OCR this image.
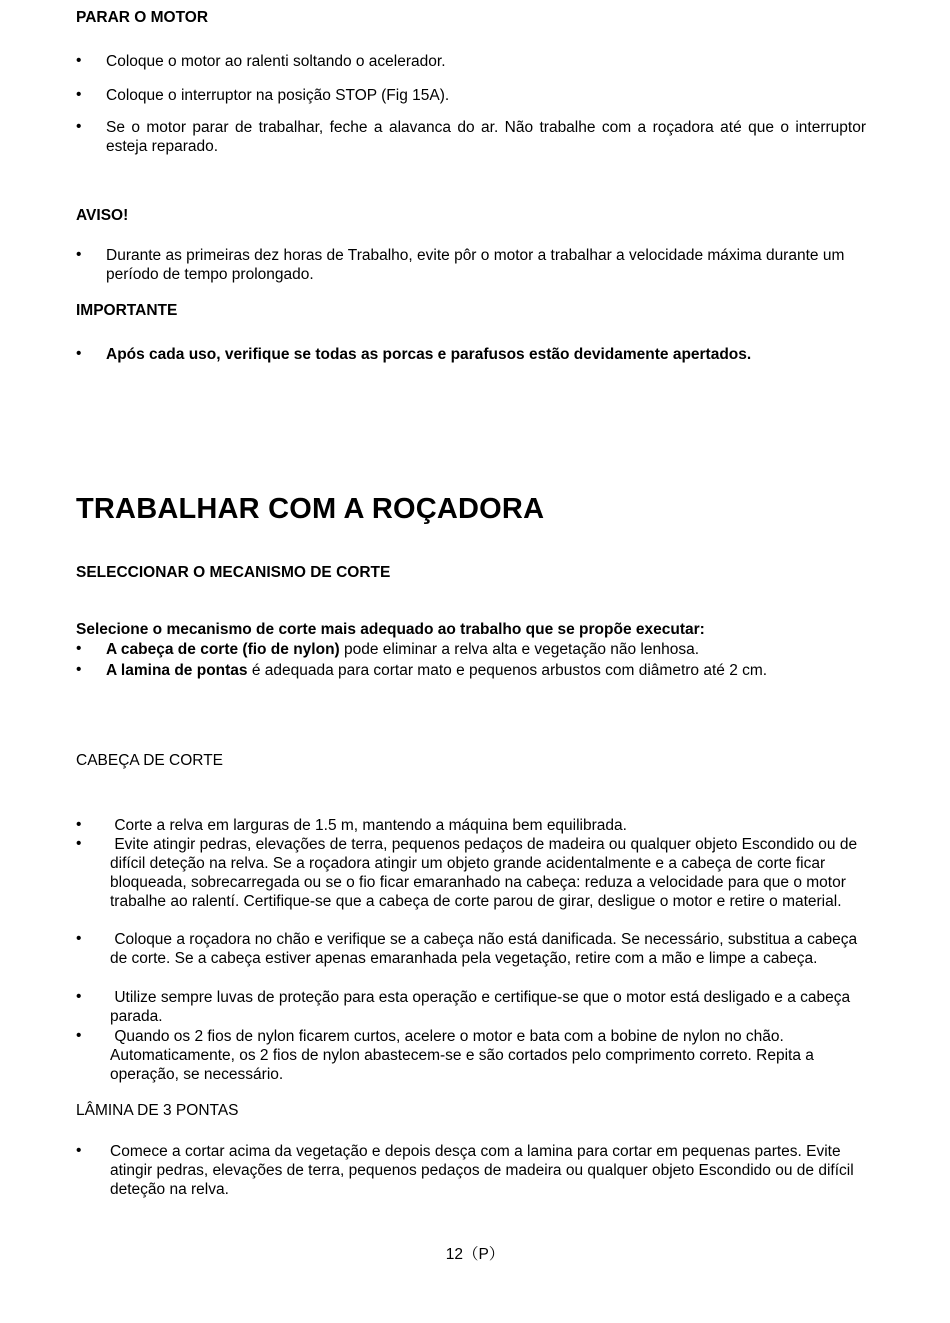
PARAR O MOTOR
•	Coloque o motor ao ralenti soltando o acelerador.
•	Coloque o interruptor na posição STOP (Fig 15A).
•	Se o motor parar de trabalhar, feche a alavanca do ar. Não trabalhe com a roçadora até que o interruptor esteja reparado.
AVISO!
•	Durante as primeiras dez horas de Trabalho, evite pôr o motor a trabalhar a velocidade máxima durante um período de tempo prolongado.
IMPORTANTE
•	Após cada uso, verifique se todas as porcas e parafusos estão devidamente apertados.
TRABALHAR COM A ROÇADORA
SELECCIONAR O MECANISMO DE CORTE
Selecione o mecanismo de corte mais adequado ao trabalho que se propõe executar:
•	A cabeça de corte (fio de nylon) pode eliminar a relva alta e vegetação não lenhosa.
•	A lamina de pontas é adequada para cortar mato e pequenos arbustos com diâmetro até 2 cm.
CABEÇA DE CORTE
•	Corte a relva em larguras de 1.5 m, mantendo a máquina bem equilibrada.
•	Evite atingir pedras, elevações de terra, pequenos pedaços de madeira ou qualquer objeto Escondido ou de difícil deteção na relva. Se a roçadora atingir um objeto grande acidentalmente e a cabeça de corte ficar bloqueada, sobrecarregada ou se o fio ficar emaranhado na cabeça: reduza a velocidade para que o motor trabalhe ao ralentí. Certifique-se que a cabeça de corte parou de girar, desligue o motor e retire o material.
•	Coloque a roçadora no chão e verifique se a cabeça não está danificada. Se necessário, substitua a cabeça de corte. Se a cabeça estiver apenas emaranhada pela vegetação, retire com a mão e limpe a cabeça.
•	Utilize sempre luvas de proteção para esta operação e certifique-se que o motor está desligado e a cabeça parada.
•	Quando os 2 fios de nylon ficarem curtos, acelere o motor e bata com a bobine de nylon no chão. Automaticamente, os 2 fios de nylon abastecem-se e são cortados pelo comprimento correto. Repita a operação, se necessário.
LÂMINA DE 3 PONTAS
•	Comece a cortar acima da vegetação e depois desça com a lamina para cortar em pequenas partes. Evite atingir pedras, elevações de terra, pequenos pedaços de madeira ou qualquer objeto Escondido ou de difícil deteção na relva.
12（P）
